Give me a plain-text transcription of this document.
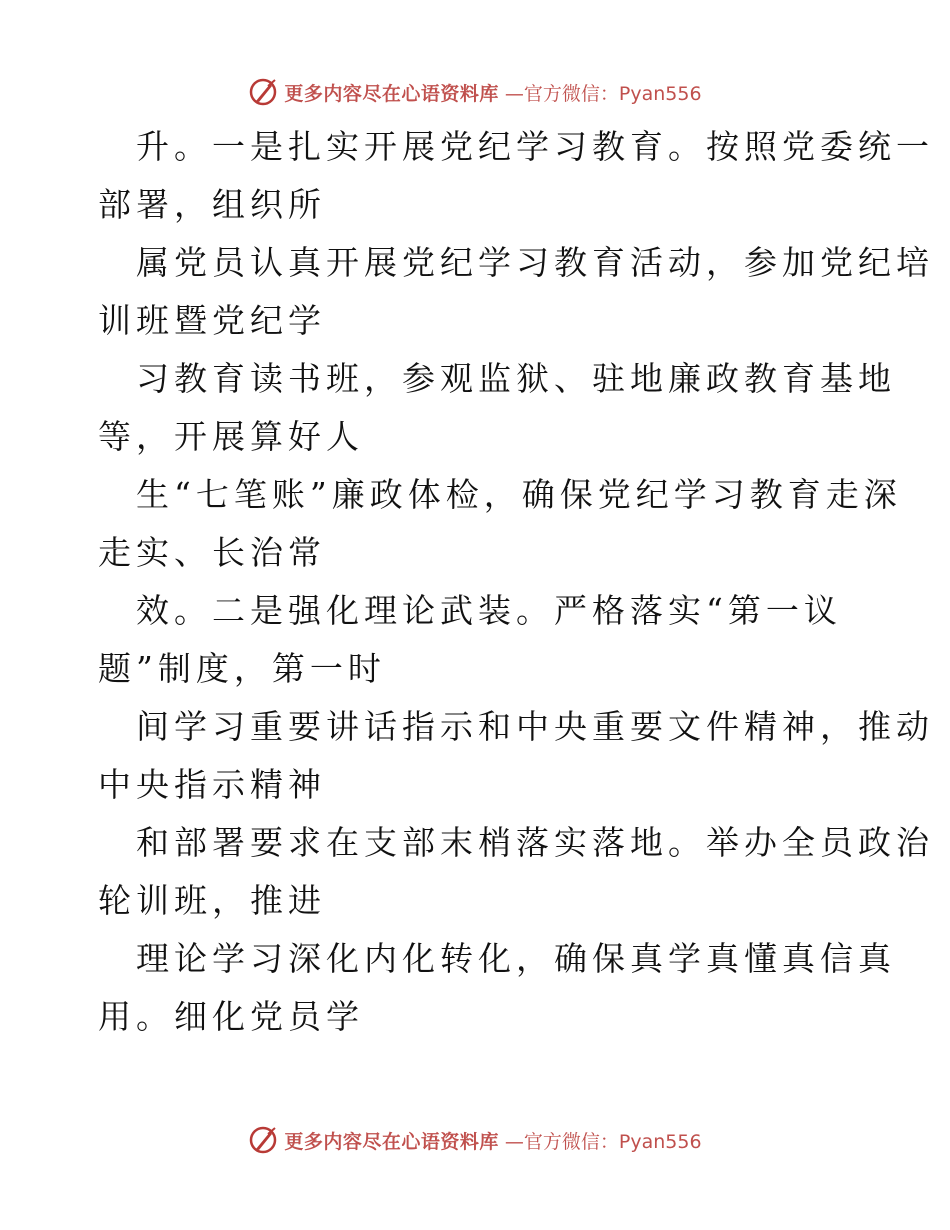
更多内容尽在心语资料库 —官方微信：Pyan556
升。一是扎实开展党纪学习教育。按照党委统一
部署，组织所
属党员认真开展党纪学习教育活动，参加党纪培
训班暨党纪学
习教育读书班，参观监狱、驻地廉政教育基地
等，开展算好人
生“七笔账”廉政体检，确保党纪学习教育走深
走实、长治常
效。二是强化理论武装。严格落实“第一议
题”制度，第一时
间学习重要讲话指示和中央重要文件精神，推动
中央指示精神
和部署要求在支部末梢落实落地。举办全员政治
轮训班，推进
理论学习深化内化转化，确保真学真懂真信真
用。细化党员学
更多内容尽在心语资料库 —官方微信：Pyan556
